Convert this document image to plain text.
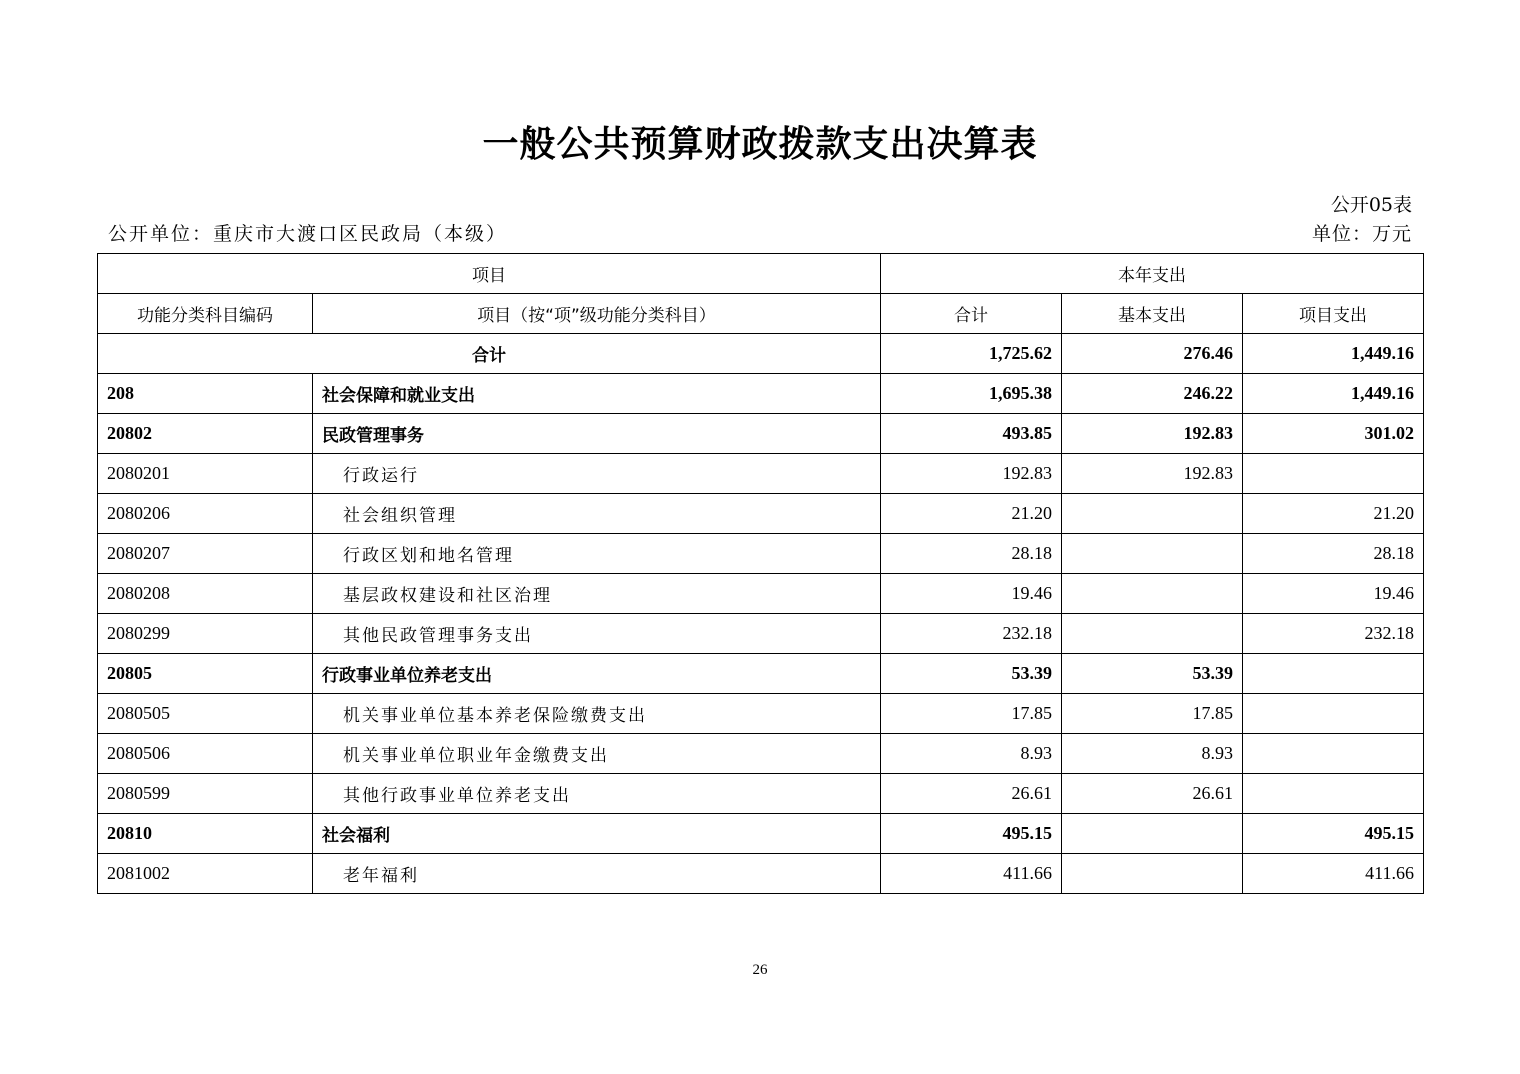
一般公共预算财政拨款支出决算表
公开05表
公开单位：重庆市大渡口区民政局（本级）	单位：万元
项目		本年支出		
功能分类科目编码	项目（按“项”级功能分类科目）	合计	基本支出	项目支出
合计		1,725.62	276.46	1,449.16
208	社会保障和就业支出	1,695.38	246.22	1,449.16
20802	民政管理事务	493.85	192.83	301.02
2080201	行政运行	192.83	192.83	
2080206	社会组织管理	21.20		21.20
2080207	行政区划和地名管理	28.18		28.18
2080208	基层政权建设和社区治理	19.46		19.46
2080299	其他民政管理事务支出	232.18		232.18
20805	行政事业单位养老支出	53.39	53.39	
2080505	机关事业单位基本养老保险缴费支出	17.85	17.85	
2080506	机关事业单位职业年金缴费支出	8.93	8.93	
2080599	其他行政事业单位养老支出	26.61	26.61	
20810	社会福利	495.15		495.15
2081002	老年福利	411.66		411.66
26
